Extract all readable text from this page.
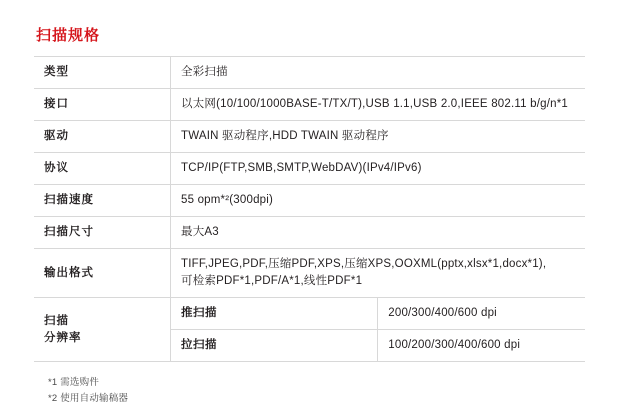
扫描规格
类型	全彩扫描	

接口	以太网(10/100/1000BASE-T/TX/T),USB 1.1,USB 2.0,IEEE 802.11 b/g/n*1	

驱动	TWAIN 驱动程序,HDD TWAIN 驱动程序	

协议	TCP/IP(FTP,SMB,SMTP,WebDAV)(IPv4/IPv6)	

扫描速度	55 opm*²(300dpi)	

扫描尺寸	最大A3	

输出格式	TIFF,JPEG,PDF,压缩PDF,XPS,压缩XPS,OOXML(pptx,xlsx*1,docx*1),
可检索PDF*1,PDF/A*1,线性PDF*1	

扫描
分辨率	推扫描	200/300/400/600 dpi
	拉扫描	100/200/300/400/600 dpi
*1 需选购件
*2 使用自动输稿器
